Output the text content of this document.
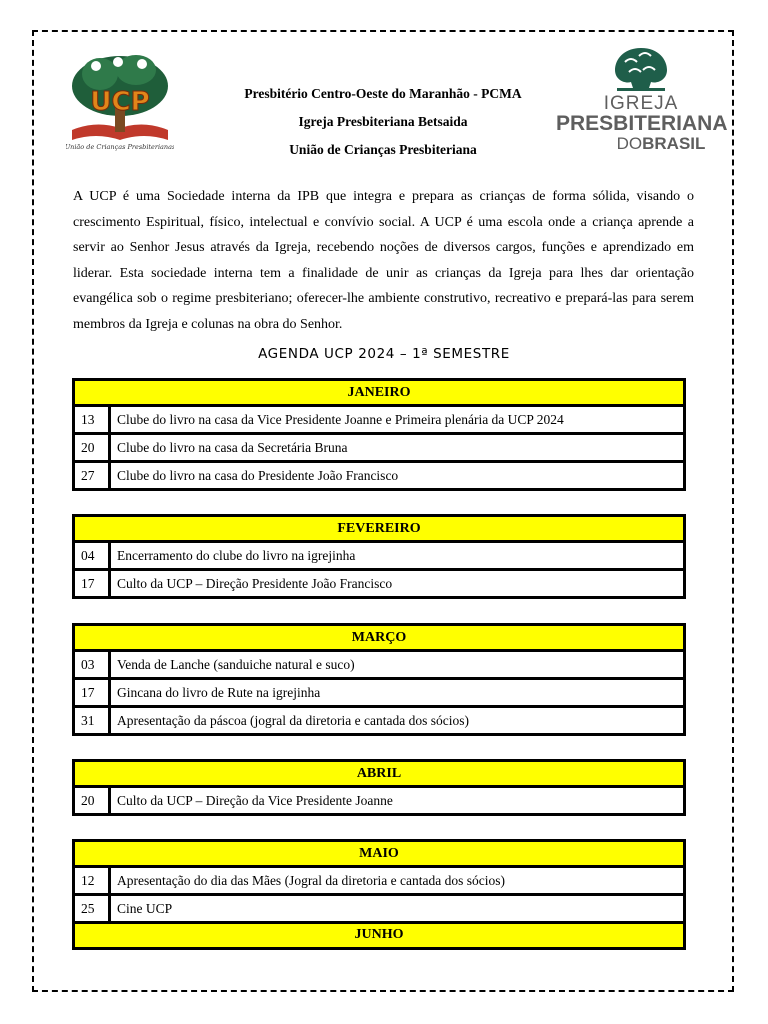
UCP
União de Crianças Presbiterianas
IGREJA
PRESBITERIANA
DOBRASIL
Presbitério Centro-Oeste do Maranhão - PCMA
Igreja Presbiteriana Betsaida
União de Crianças Presbiteriana
A UCP é uma Sociedade interna da IPB que integra e prepara as crianças de forma sólida, visando o crescimento Espiritual, físico, intelectual e convívio social. A UCP é uma escola onde a criança aprende a servir ao Senhor Jesus através da Igreja, recebendo noções de diversos cargos, funções e aprendizado em liderar. Esta sociedade interna tem a finalidade de unir as crianças da Igreja para lhes dar orientação evangélica sob o regime presbiteriano; oferecer-lhe ambiente construtivo, recreativo e prepará-las para serem membros da Igreja e colunas na obra do Senhor.
AGENDA UCP 2024 – 1ª SEMESTRE
JANEIRO
13	Clube do livro na casa da Vice Presidente Joanne e Primeira plenária da UCP 2024
20	Clube do livro na casa da Secretária Bruna
27	Clube do livro na casa do Presidente João Francisco
FEVEREIRO
04	Encerramento do clube do livro na igrejinha
17	Culto da UCP – Direção Presidente João Francisco
MARÇO
03	Venda de Lanche (sanduiche natural e suco)
17	Gincana do livro de Rute na igrejinha
31	Apresentação da páscoa (jogral da diretoria e cantada dos sócios)
ABRIL
20	Culto da UCP – Direção da Vice Presidente Joanne
MAIO
12	Apresentação do dia das Mães (Jogral da diretoria e cantada dos sócios)
25	Cine UCP
JUNHO
